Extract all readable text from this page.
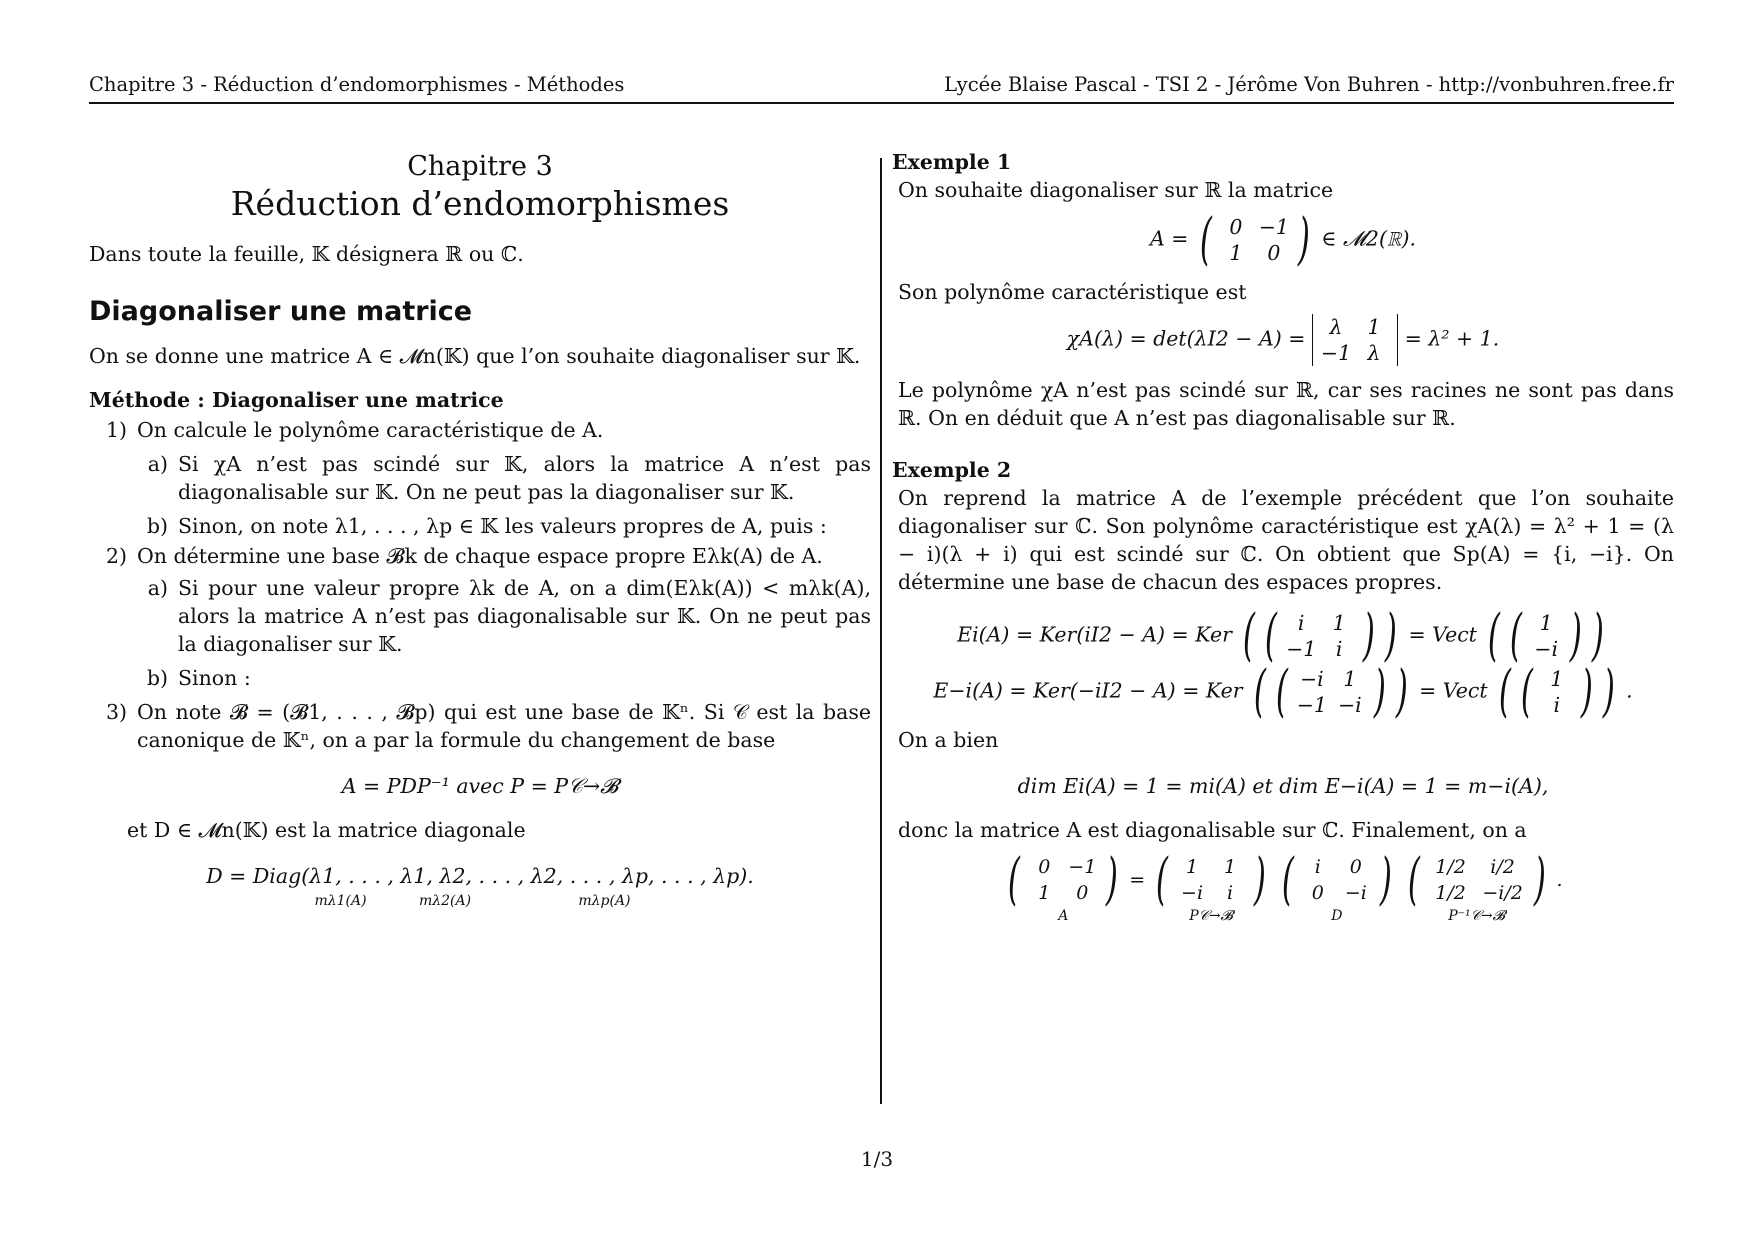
Chapitre 3 - Réduction d’endomorphismes - Méthodes	Lycée Blaise Pascal - TSI 2 - Jérôme Von Buhren - http://vonbuhren.free.fr

Chapitre 3

Réduction d’endomorphismes

Dans toute la feuille, 𝕂 désignera ℝ ou ℂ.

Diagonaliser une matrice

On se donne une matrice A ∈ 𝓜n(𝕂) que l’on souhaite diagonaliser sur 𝕂.

Méthode : Diagonaliser une matrice

1) On calcule le polynôme caractéristique de A.
a) Si χA n’est pas scindé sur 𝕂, alors la matrice A n’est pas diagonalisable sur 𝕂. On ne peut pas la diagonaliser sur 𝕂.
b) Sinon, on note λ1, . . . , λp ∈ 𝕂 les valeurs propres de A, puis :
2) On détermine une base 𝓑k de chaque espace propre Eλk(A) de A.
a) Si pour une valeur propre λk de A, on a dim(Eλk(A)) < mλk(A), alors la matrice A n’est pas diagonalisable sur 𝕂. On ne peut pas la diagonaliser sur 𝕂.
b) Sinon :
3) On note 𝓑 = (𝓑1, . . . , 𝓑p) qui est une base de 𝕂ⁿ. Si 𝒞 est la base canonique de 𝕂ⁿ, on a par la formule du changement de base

A = PDP⁻¹ avec P = P𝒞→𝓑

et D ∈ 𝓜n(𝕂) est la matrice diagonale

D = Diag(λ1, . . . , λ1, λ2, . . . , λ2, . . . , λp, . . . , λp).

mλ1(A)	mλ2(A)	mλp(A)

Exemple 1

On souhaite diagonaliser sur ℝ la matrice

A = ( 0 −1
1 0 ) ∈ 𝓜2(ℝ).

Son polynôme caractéristique est

χA(λ) = det(λI2 − A) =	λ 1
−1 λ
= λ² + 1.

Le polynôme χA n’est pas scindé sur ℝ, car ses racines ne sont pas dans ℝ. On en déduit que A n’est pas diagonalisable sur ℝ.

Exemple 2

On reprend la matrice A de l’exemple précédent que l’on souhaite diagonaliser sur ℂ. Son polynôme caractéristique est χA(λ) = λ² + 1 = (λ − i)(λ + i) qui est scindé sur ℂ. On obtient que Sp(A) = {i, −i}. On détermine une base de chacun des espaces propres.

Ei(A) = Ker(iI2 − A) = Ker ( (	i 1
−1 i ) ) = Vect ( ( 1
−i ) )
E−i(A) = Ker(−iI2 − A) = Ker ( ( −i 1
−1 −i ) ) = Vect ( ( 1
i ) ) .

On a bien

dim Ei(A) = 1 = mi(A) et dim E−i(A) = 1 = m−i(A),

donc la matrice A est diagonalisable sur ℂ. Finalement, on a

( 0 −1
1 0 )
A
= ( 1 1
−i i )
P𝒞→𝓑
(	i 0
0 −i )
D
( 1/2 i/2
1/2 −i/2 )
P⁻¹𝒞→𝓑
.
1/3
